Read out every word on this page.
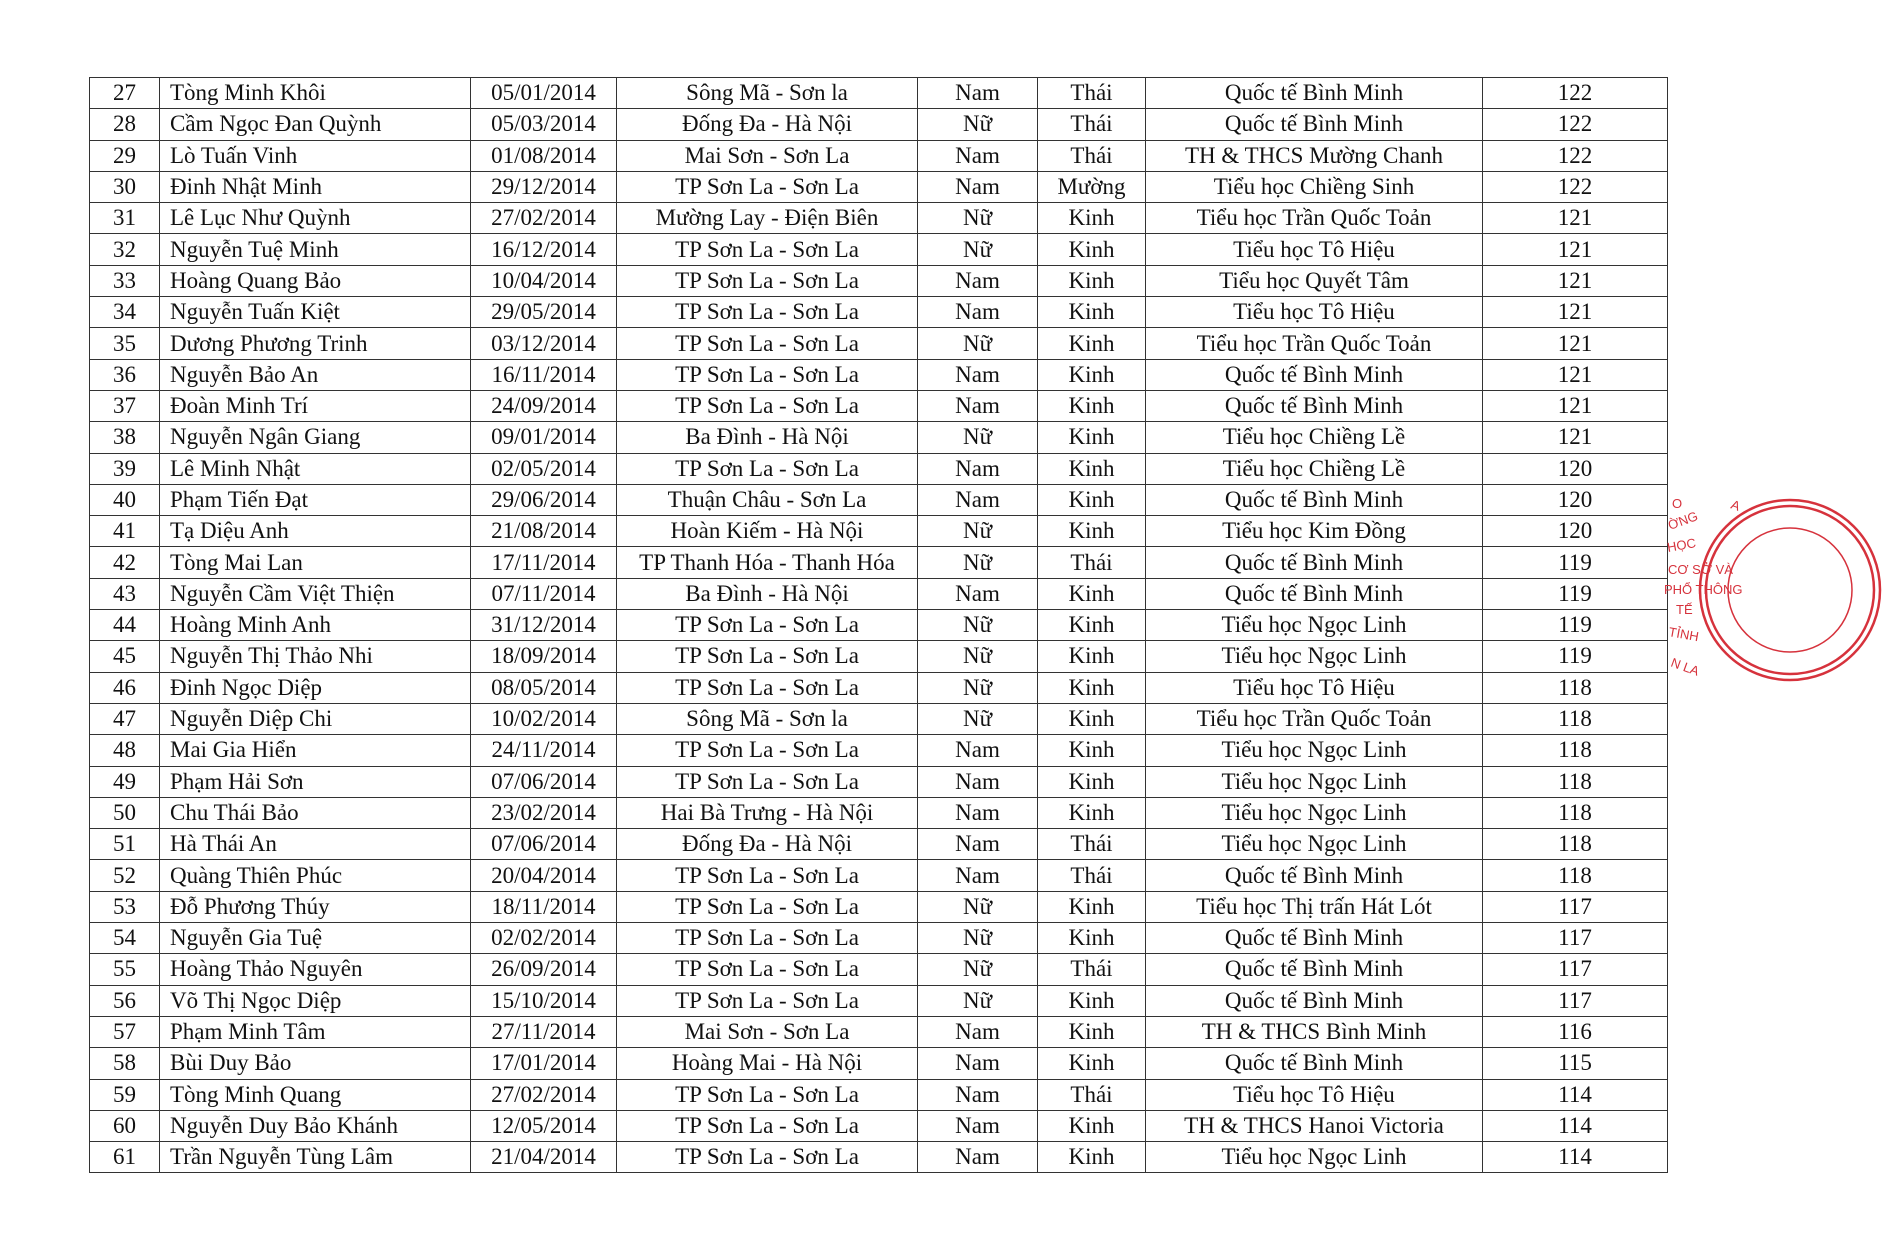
27	Tòng Minh Khôi	05/01/2014	Sông Mã - Sơn la	Nam	Thái	Quốc tế Bình Minh	122
28	Cầm Ngọc Đan Quỳnh	05/03/2014	Đống Đa - Hà Nội	Nữ	Thái	Quốc tế Bình Minh	122
29	Lò Tuấn Vinh	01/08/2014	Mai Sơn - Sơn La	Nam	Thái	TH & THCS Mường Chanh	122
30	Đinh Nhật Minh	29/12/2014	TP Sơn La - Sơn La	Nam	Mường	Tiểu học Chiềng Sinh	122
31	Lê Lục Như Quỳnh	27/02/2014	Mường Lay - Điện Biên	Nữ	Kinh	Tiểu học Trần Quốc Toản	121
32	Nguyễn Tuệ Minh	16/12/2014	TP Sơn La - Sơn La	Nữ	Kinh	Tiểu học Tô Hiệu	121
33	Hoàng Quang Bảo	10/04/2014	TP Sơn La - Sơn La	Nam	Kinh	Tiểu học Quyết Tâm	121
34	Nguyễn Tuấn Kiệt	29/05/2014	TP Sơn La - Sơn La	Nam	Kinh	Tiểu học Tô Hiệu	121
35	Dương Phương Trinh	03/12/2014	TP Sơn La - Sơn La	Nữ	Kinh	Tiểu học Trần Quốc Toản	121
36	Nguyễn Bảo An	16/11/2014	TP Sơn La - Sơn La	Nam	Kinh	Quốc tế Bình Minh	121
37	Đoàn Minh Trí	24/09/2014	TP Sơn La - Sơn La	Nam	Kinh	Quốc tế Bình Minh	121
38	Nguyễn Ngân Giang	09/01/2014	Ba Đình - Hà Nội	Nữ	Kinh	Tiểu học Chiềng Lề	121
39	Lê Minh Nhật	02/05/2014	TP Sơn La - Sơn La	Nam	Kinh	Tiểu học Chiềng Lề	120
40	Phạm Tiến Đạt	29/06/2014	Thuận Châu - Sơn La	Nam	Kinh	Quốc tế Bình Minh	120
41	Tạ Diệu Anh	21/08/2014	Hoàn Kiếm - Hà Nội	Nữ	Kinh	Tiểu học Kim Đồng	120
42	Tòng Mai Lan	17/11/2014	TP Thanh Hóa - Thanh Hóa	Nữ	Thái	Quốc tế Bình Minh	119
43	Nguyễn Cầm Việt Thiện	07/11/2014	Ba Đình - Hà Nội	Nam	Kinh	Quốc tế Bình Minh	119
44	Hoàng Minh Anh	31/12/2014	TP Sơn La - Sơn La	Nữ	Kinh	Tiểu học Ngọc Linh	119
45	Nguyễn Thị Thảo Nhi	18/09/2014	TP Sơn La - Sơn La	Nữ	Kinh	Tiểu học Ngọc Linh	119
46	Đinh Ngọc Diệp	08/05/2014	TP Sơn La - Sơn La	Nữ	Kinh	Tiểu học Tô Hiệu	118
47	Nguyễn Diệp Chi	10/02/2014	Sông Mã - Sơn la	Nữ	Kinh	Tiểu học Trần Quốc Toản	118
48	Mai Gia Hiển	24/11/2014	TP Sơn La - Sơn La	Nam	Kinh	Tiểu học Ngọc Linh	118
49	Phạm Hải Sơn	07/06/2014	TP Sơn La - Sơn La	Nam	Kinh	Tiểu học Ngọc Linh	118
50	Chu Thái Bảo	23/02/2014	Hai Bà Trưng - Hà Nội	Nam	Kinh	Tiểu học Ngọc Linh	118
51	Hà Thái An	07/06/2014	Đống Đa - Hà Nội	Nam	Thái	Tiểu học Ngọc Linh	118
52	Quàng Thiên Phúc	20/04/2014	TP Sơn La - Sơn La	Nam	Thái	Quốc tế Bình Minh	118
53	Đỗ Phương Thúy	18/11/2014	TP Sơn La - Sơn La	Nữ	Kinh	Tiểu học Thị trấn Hát Lót	117
54	Nguyễn Gia Tuệ	02/02/2014	TP Sơn La - Sơn La	Nữ	Kinh	Quốc tế Bình Minh	117
55	Hoàng Thảo Nguyên	26/09/2014	TP Sơn La - Sơn La	Nữ	Thái	Quốc tế Bình Minh	117
56	Võ Thị Ngọc Diệp	15/10/2014	TP Sơn La - Sơn La	Nữ	Kinh	Quốc tế Bình Minh	117
57	Phạm Minh Tâm	27/11/2014	Mai Sơn - Sơn La	Nam	Kinh	TH & THCS Bình Minh	116
58	Bùi Duy Bảo	17/01/2014	Hoàng Mai - Hà Nội	Nam	Kinh	Quốc tế Bình Minh	115
59	Tòng Minh Quang	27/02/2014	TP Sơn La - Sơn La	Nam	Thái	Tiểu học Tô Hiệu	114
60	Nguyễn Duy Bảo Khánh	12/05/2014	TP Sơn La - Sơn La	Nam	Kinh	TH & THCS Hanoi Victoria	114
61	Trần Nguyễn Tùng Lâm	21/04/2014	TP Sơn La - Sơn La	Nam	Kinh	Tiểu học Ngọc Linh	114
O	A
ỜNG
HỌC
CƠ SỞ VÀ
PHỔ THÔNG
TẾ
TỈNH
N LA
